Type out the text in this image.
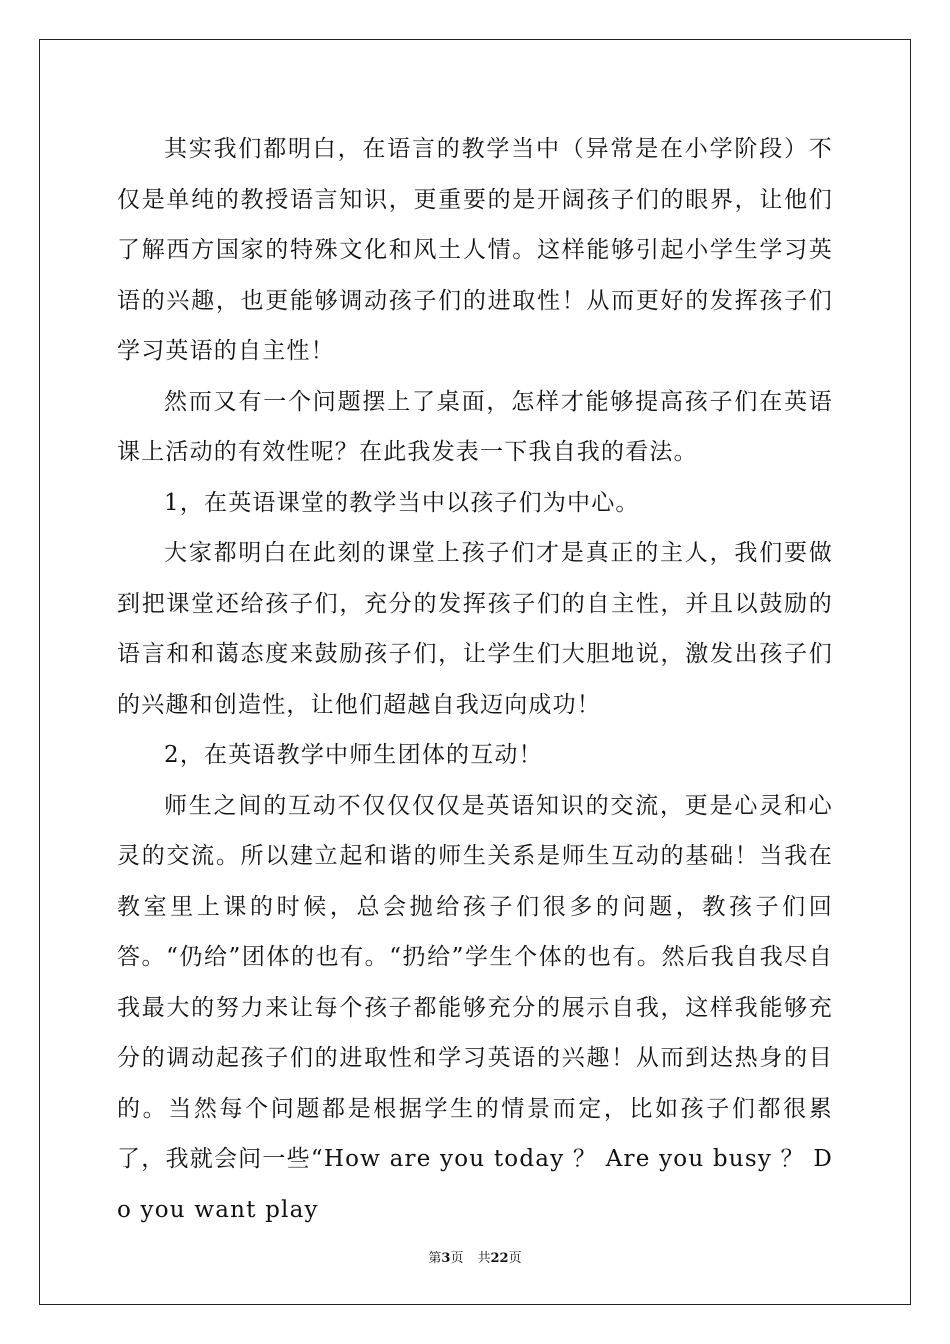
其实我们都明白，在语言的教学当中（异常是在小学阶段）不仅是单纯的教授语言知识，更重要的是开阔孩子们的眼界，让他们了解西方国家的特殊文化和风土人情。这样能够引起小学生学习英语的兴趣，也更能够调动孩子们的进取性！从而更好的发挥孩子们学习英语的自主性！

然而又有一个问题摆上了桌面，怎样才能够提高孩子们在英语课上活动的有效性呢？在此我发表一下我自我的看法。

1，在英语课堂的教学当中以孩子们为中心。

大家都明白在此刻的课堂上孩子们才是真正的主人，我们要做到把课堂还给孩子们，充分的发挥孩子们的自主性，并且以鼓励的语言和和蔼态度来鼓励孩子们，让学生们大胆地说，激发出孩子们的兴趣和创造性，让他们超越自我迈向成功！

2，在英语教学中师生团体的互动！

师生之间的互动不仅仅仅仅是英语知识的交流，更是心灵和心灵的交流。所以建立起和谐的师生关系是师生互动的基础！当我在教室里上课的时候，总会抛给孩子们很多的问题，教孩子们回答。“仍给”团体的也有。“扔给”学生个体的也有。然后我自我尽自我最大的努力来让每个孩子都能够充分的展示自我，这样我能够充分的调动起孩子们的进取性和学习英语的兴趣！从而到达热身的目的。当然每个问题都是根据学生的情景而定，比如孩子们都很累了，我就会问一些“How are you today ？ Are you busy ？ Do you want play

第3页 共22页
